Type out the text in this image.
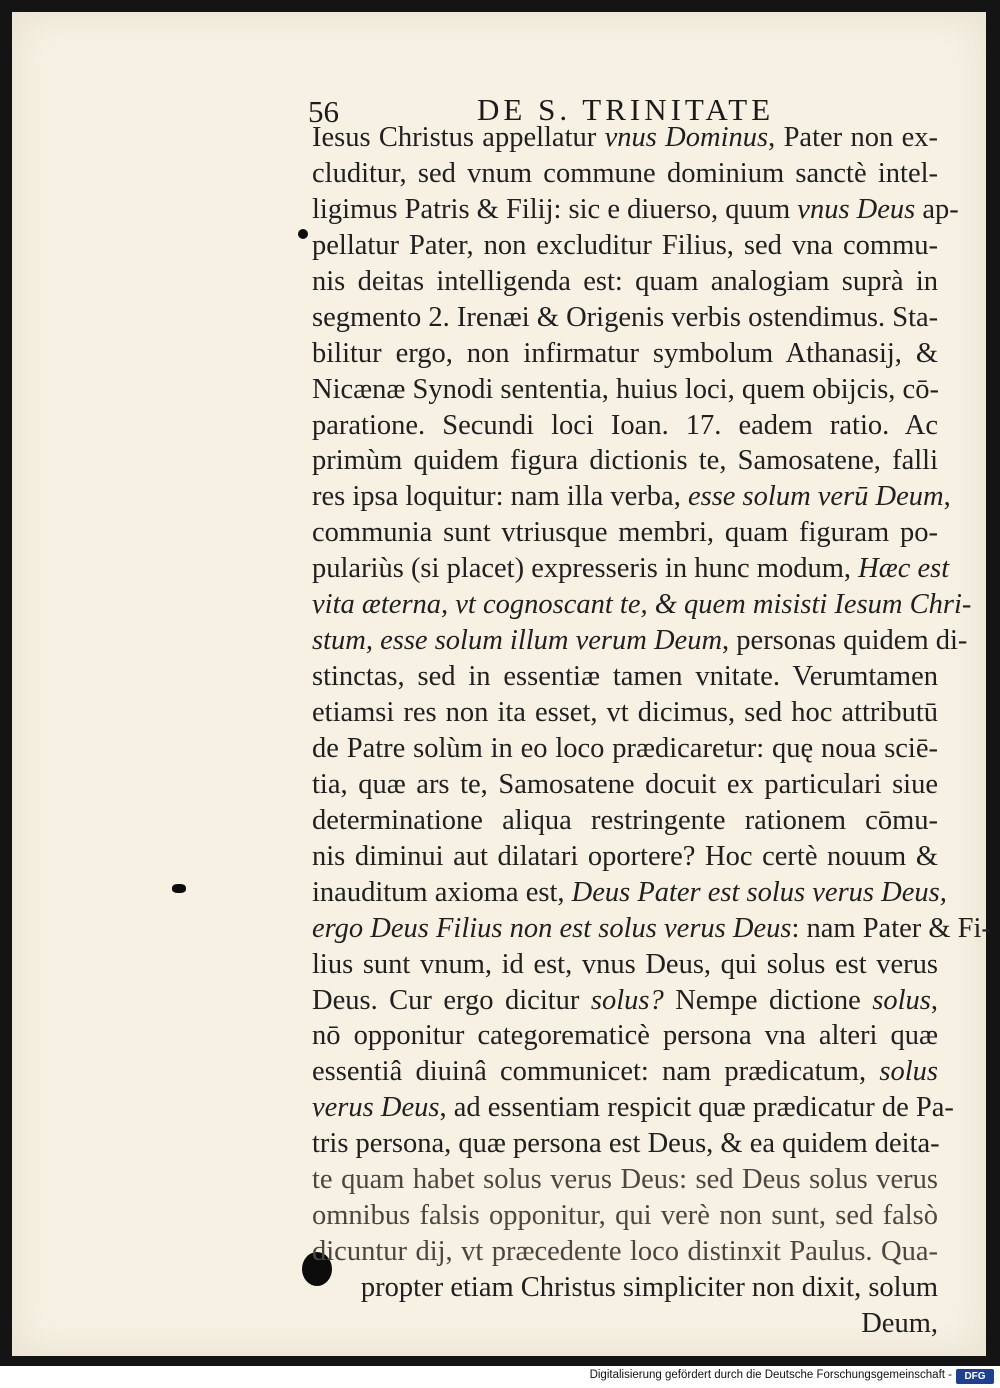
56	DE S. TRINITATE
Iesus Christus appellatur vnus Dominus, Pater non ex-
cluditur, sed vnum commune dominium sanctè intel-
ligimus Patris & Filij: sic e diuerso, quum vnus Deus ap-
pellatur Pater, non excluditur Filius, sed vna commu-
nis deitas intelligenda est: quam analogiam suprà in
segmento 2. Irenæi & Origenis verbis ostendimus. Sta-
bilitur ergo, non infirmatur symbolum Athanasij, &
Nicænæ Synodi sententia, huius loci, quem obijcis, cō-
paratione. Secundi loci Ioan. 17. eadem ratio. Ac
primùm quidem figura dictionis te, Samosatene, falli
res ipsa loquitur: nam illa verba, esse solum verū Deum
communia sunt vtriusque membri, quam figuram po-
pulariùs (si placet) expresseris in hunc modum, Hæc est
vita æterna, vt cognoscant te, & quem misisti Iesum Chri-
stum, esse solum illum verum Deum, personas quidem di-
stinctas, sed in essentiæ tamen vnitate. Verumtamen
etiamsi res non ita esset, vt dicimus, sed hoc attributū
de Patre solùm in eo loco prædicaretur: quę noua sciē-
tia, quæ ars te, Samosatene docuit ex particulari siue
determinatione aliqua restringente rationem cōmu-
nis diminui aut dilatari oportere? Hoc certè nouum &
inauditum axioma est, Deus Pater est solus verus Deus,
ergo Deus Filius non est solus verus Deus: nam Pater & Fi-
lius sunt vnum, id est, vnus Deus, qui solus est verus
Deus. Cur ergo dicitur solus? Nempe dictione solus,
nō opponitur categorematicè persona vna alteri quæ
essentiâ diuinâ communicet: nam prædicatum, solus
verus Deus, ad essentiam respicit quæ prædicatur de Pa-
tris persona, quæ persona est Deus, & ea quidem deita-
te quam habet solus verus Deus: sed Deus solus verus
omnibus falsis opponitur, qui verè non sunt, sed falsò
dicuntur dij, vt præcedente loco distinxit Paulus. Qua-
propter etiam Christus simpliciter non dixit, solum
Deum,
Digitalisierung gefördert durch die Deutsche Forschungsgemeinschaft -	DFG
